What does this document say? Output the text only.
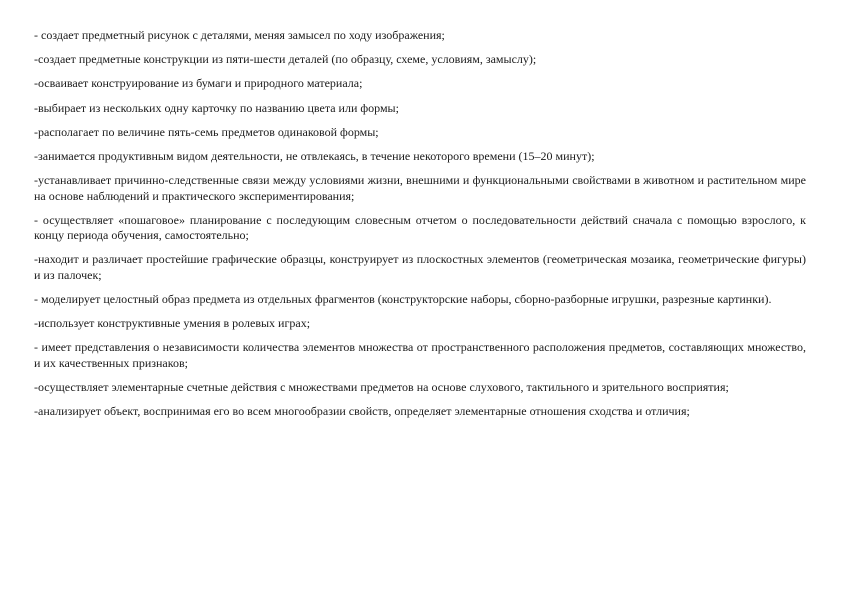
- создает предметный рисунок с деталями, меняя замысел по ходу изображения;

-создает предметные конструкции из пяти-шести деталей (по образцу, схеме, условиям, замыслу);

-осваивает конструирование из бумаги и природного материала;

-выбирает из нескольких одну карточку по названию цвета или формы;

-располагает по величине пять-семь предметов одинаковой формы;

-занимается продуктивным видом деятельности, не отвлекаясь, в течение некоторого времени (15–20 минут);

-устанавливает причинно-следственные связи между условиями жизни, внешними и функциональными свойствами в животном и растительном мире на основе наблюдений и практического экспериментирования;

- осуществляет «пошаговое» планирование с последующим словесным отчетом о последовательности действий сначала с помощью взрослого, к концу периода обучения, самостоятельно;

-находит и различает простейшие графические образцы, конструирует из плоскостных элементов (геометрическая мозаика, геометрические фигуры) и из палочек;

- моделирует целостный образ предмета из отдельных фрагментов (конструкторские наборы, сборно-разборные игрушки, разрезные картинки).

-использует конструктивные умения в ролевых играх;

- имеет представления о независимости количества элементов множества от пространственного расположения предметов, составляющих множество, и их качественных признаков;

-осуществляет элементарные счетные действия с множествами предметов на основе слухового, тактильного и зрительного восприятия;

-анализирует объект, воспринимая его во всем многообразии свойств, определяет элементарные отношения сходства и отличия;
